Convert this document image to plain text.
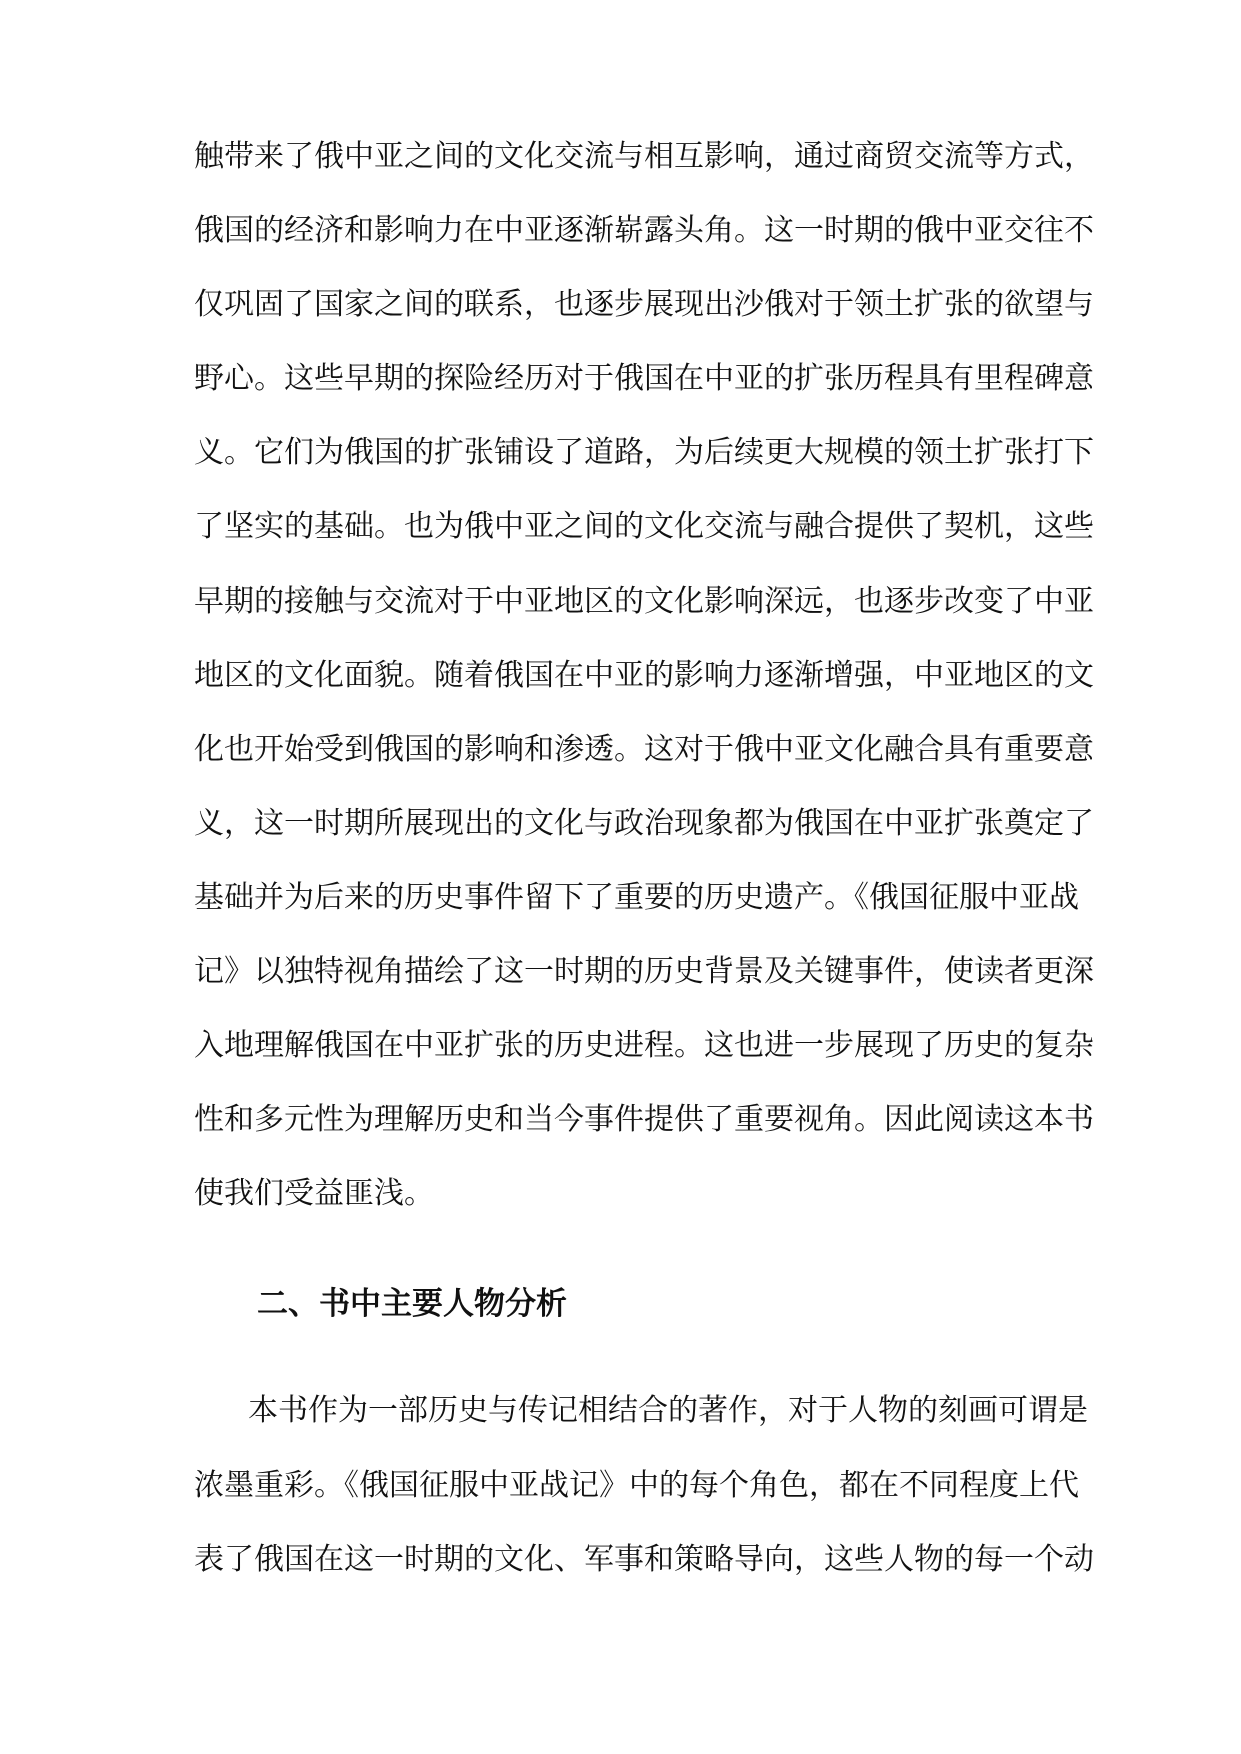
触带来了俄中亚之间的文化交流与相互影响，通过商贸交流等方式，
俄国的经济和影响力在中亚逐渐崭露头角。这一时期的俄中亚交往不
仅巩固了国家之间的联系，也逐步展现出沙俄对于领土扩张的欲望与
野心。这些早期的探险经历对于俄国在中亚的扩张历程具有里程碑意
义。它们为俄国的扩张铺设了道路，为后续更大规模的领土扩张打下
了坚实的基础。也为俄中亚之间的文化交流与融合提供了契机，这些
早期的接触与交流对于中亚地区的文化影响深远，也逐步改变了中亚
地区的文化面貌。随着俄国在中亚的影响力逐渐增强，中亚地区的文
化也开始受到俄国的影响和渗透。这对于俄中亚文化融合具有重要意
义，这一时期所展现出的文化与政治现象都为俄国在中亚扩张奠定了
基础并为后来的历史事件留下了重要的历史遗产。《俄国征服中亚战
记》以独特视角描绘了这一时期的历史背景及关键事件，使读者更深
入地理解俄国在中亚扩张的历史进程。这也进一步展现了历史的复杂
性和多元性为理解历史和当今事件提供了重要视角。因此阅读这本书
使我们受益匪浅。
二、书中主要人物分析
本书作为一部历史与传记相结合的著作，对于人物的刻画可谓是
浓墨重彩。《俄国征服中亚战记》中的每个角色，都在不同程度上代
表了俄国在这一时期的文化、军事和策略导向，这些人物的每一个动
